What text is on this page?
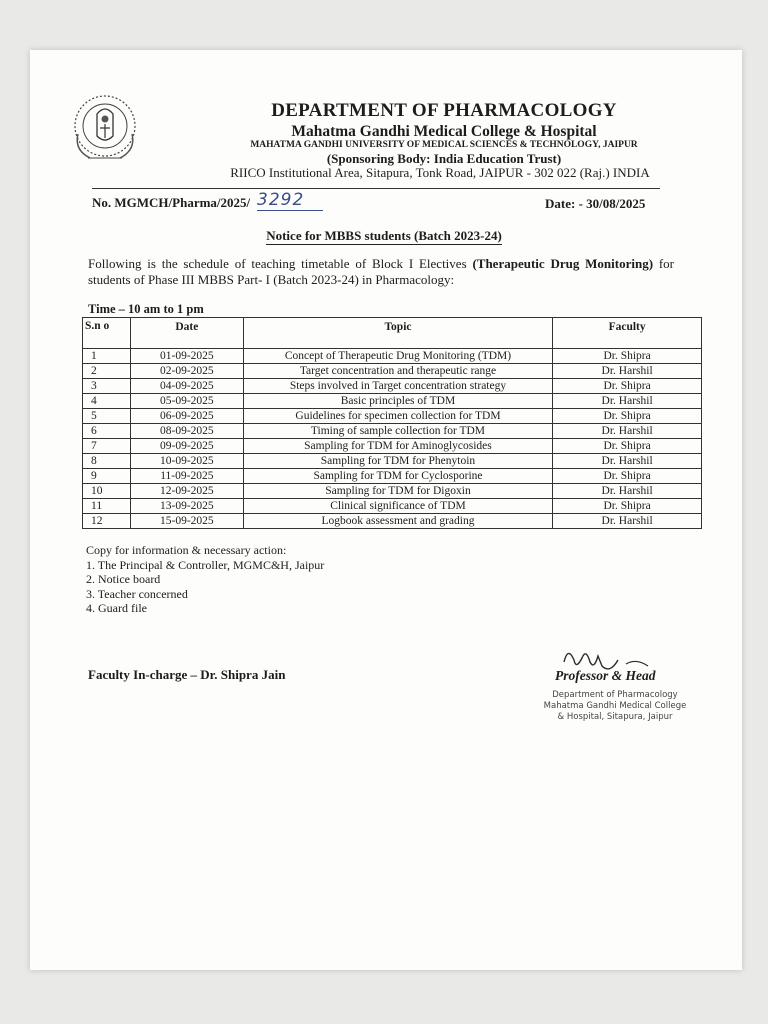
DEPARTMENT OF PHARMACOLOGY
Mahatma Gandhi Medical College & Hospital
MAHATMA GANDHI UNIVERSITY OF MEDICAL SCIENCES & TECHNOLOGY, JAIPUR
(Sponsoring Body: India Education Trust)
RIICO Institutional Area, Sitapura, Tonk Road, JAIPUR - 302 022 (Raj.) INDIA
No. MGMCH/Pharma/2025/ 3292	Date: - 30/08/2025
Notice for MBBS students (Batch 2023-24)
Following is the schedule of teaching timetable of Block I Electives (Therapeutic Drug Monitoring) for students of Phase III MBBS Part- I (Batch 2023-24) in Pharmacology:
Time – 10 am to 1 pm
S.n o	Date	Topic	Faculty
1	01-09-2025	Concept of Therapeutic Drug Monitoring (TDM)	Dr. Shipra
2	02-09-2025	Target concentration and therapeutic range	Dr. Harshil
3	04-09-2025	Steps involved in Target concentration strategy	Dr. Shipra
4	05-09-2025	Basic principles of TDM	Dr. Harshil
5	06-09-2025	Guidelines for specimen collection for TDM	Dr. Shipra
6	08-09-2025	Timing of sample collection for TDM	Dr. Harshil
7	09-09-2025	Sampling for TDM for Aminoglycosides	Dr. Shipra
8	10-09-2025	Sampling for TDM for Phenytoin	Dr. Harshil
9	11-09-2025	Sampling for TDM for Cyclosporine	Dr. Shipra
10	12-09-2025	Sampling for TDM for Digoxin	Dr. Harshil
11	13-09-2025	Clinical significance of TDM	Dr. Shipra
12	15-09-2025	Logbook assessment and grading	Dr. Harshil
Copy for information & necessary action:
1. The Principal & Controller, MGMC&H, Jaipur
2. Notice board
3. Teacher concerned
4. Guard file
Faculty In-charge – Dr. Shipra Jain	Professor & Head
Department of Pharmacology
Mahatma Gandhi Medical College
& Hospital, Sitapura, Jaipur
